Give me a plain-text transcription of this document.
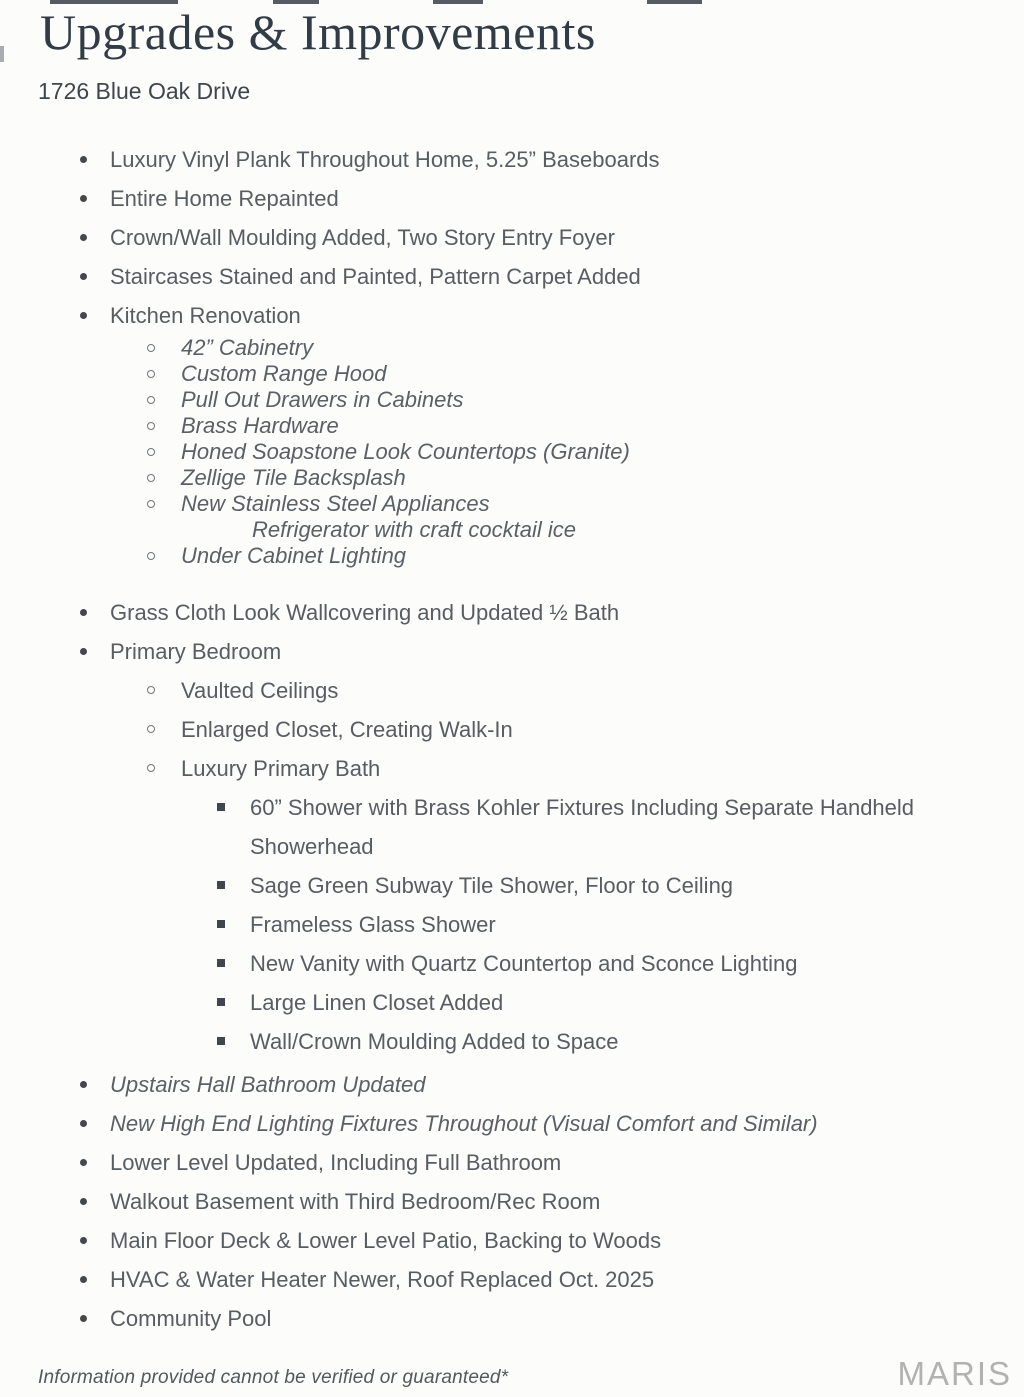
Upgrades & Improvements

1726 Blue Oak Drive

Luxury Vinyl Plank Throughout Home, 5.25” Baseboards
Entire Home Repainted
Crown/Wall Moulding Added, Two Story Entry Foyer
Staircases Stained and Painted, Pattern Carpet Added
Kitchen Renovation
42” Cabinetry
Custom Range Hood
Pull Out Drawers in Cabinets
Brass Hardware
Honed Soapstone Look Countertops (Granite)
Zellige Tile Backsplash
New Stainless Steel Appliances
Refrigerator with craft cocktail ice
Under Cabinet Lighting
Grass Cloth Look Wallcovering and Updated ½ Bath
Primary Bedroom
Vaulted Ceilings
Enlarged Closet, Creating Walk-In
Luxury Primary Bath
60” Shower with Brass Kohler Fixtures Including Separate Handheld Showerhead
Sage Green Subway Tile Shower, Floor to Ceiling
Frameless Glass Shower
New Vanity with Quartz Countertop and Sconce Lighting
Large Linen Closet Added
Wall/Crown Moulding Added to Space
Upstairs Hall Bathroom Updated
New High End Lighting Fixtures Throughout (Visual Comfort and Similar)
Lower Level Updated, Including Full Bathroom
Walkout Basement with Third Bedroom/Rec Room
Main Floor Deck & Lower Level Patio, Backing to Woods
HVAC & Water Heater Newer, Roof Replaced Oct. 2025
Community Pool
Information provided cannot be verified or guaranteed*	MARIS
